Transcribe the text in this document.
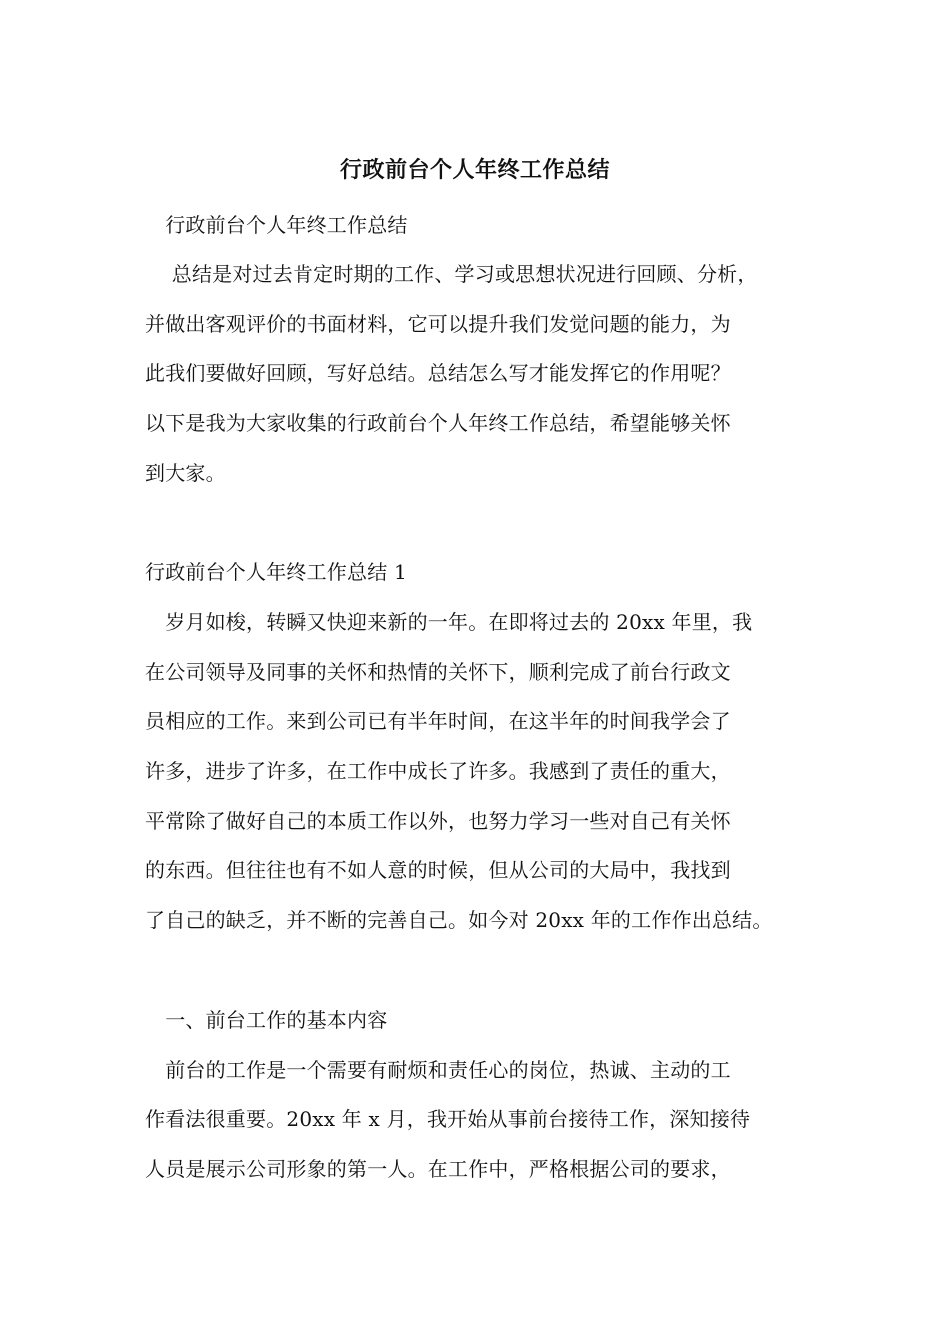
行政前台个人年终工作总结
　行政前台个人年终工作总结
　 总结是对过去肯定时期的工作、学习或思想状况进行回顾、分析，
并做出客观评价的书面材料，它可以提升我们发觉问题的能力，为
此我们要做好回顾，写好总结。总结怎么写才能发挥它的作用呢？
以下是我为大家收集的行政前台个人年终工作总结，希望能够关怀
到大家。
行政前台个人年终工作总结 1
　岁月如梭，转瞬又快迎来新的一年。在即将过去的 20xx 年里，我
在公司领导及同事的关怀和热情的关怀下，顺利完成了前台行政文
员相应的工作。来到公司已有半年时间，在这半年的时间我学会了
许多，进步了许多，在工作中成长了许多。我感到了责任的重大，
平常除了做好自己的本质工作以外，也努力学习一些对自己有关怀
的东西。但往往也有不如人意的时候，但从公司的大局中，我找到
了自己的缺乏，并不断的完善自己。如今对 20xx 年的工作作出总结。
　一、前台工作的基本内容
　前台的工作是一个需要有耐烦和责任心的岗位，热诚、主动的工
作看法很重要。20xx 年 x 月，我开始从事前台接待工作，深知接待
人员是展示公司形象的第一人。在工作中，严格根据公司的要求，
